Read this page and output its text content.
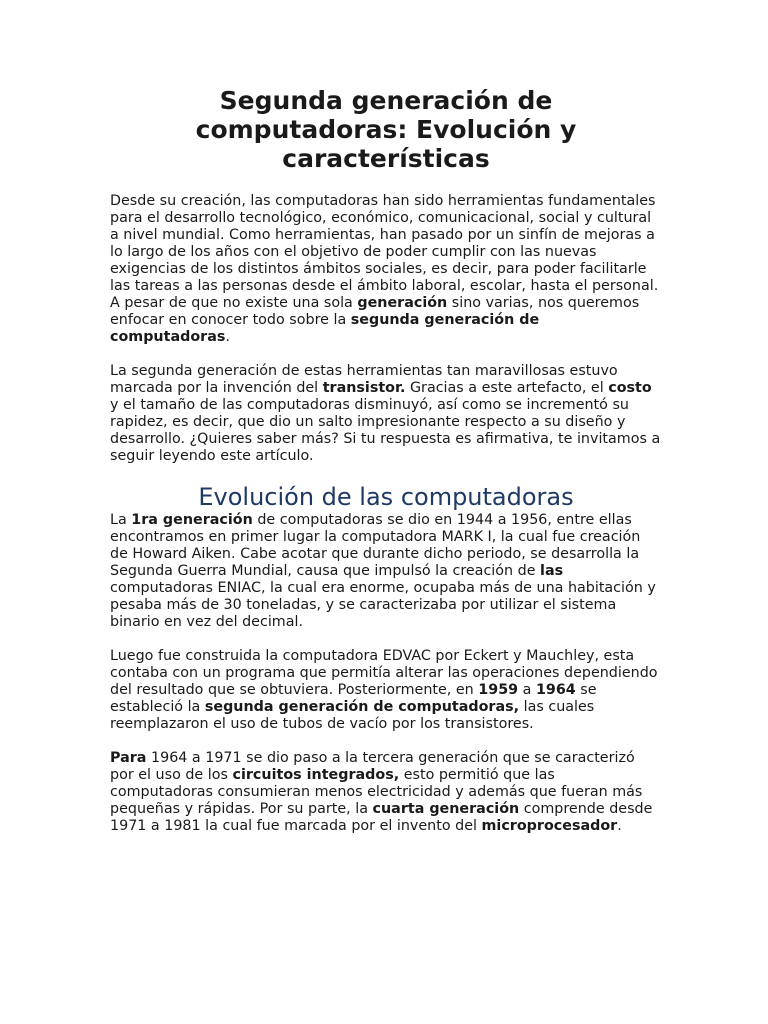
Segunda generación de computadoras: Evolución y características

Desde su creación, las computadoras han sido herramientas fundamentales para el desarrollo tecnológico, económico, comunicacional, social y cultural a nivel mundial. Como herramientas, han pasado por un sinfín de mejoras a lo largo de los años con el objetivo de poder cumplir con las nuevas exigencias de los distintos ámbitos sociales, es decir, para poder facilitarle las tareas a las personas desde el ámbito laboral, escolar, hasta el personal. A pesar de que no existe una sola generación sino varias, nos queremos enfocar en conocer todo sobre la segunda generación de computadoras.

La segunda generación de estas herramientas tan maravillosas estuvo marcada por la invención del transistor. Gracias a este artefacto, el costo y el tamaño de las computadoras disminuyó, así como se incrementó su rapidez, es decir, que dio un salto impresionante respecto a su diseño y desarrollo. ¿Quieres saber más? Si tu respuesta es afirmativa, te invitamos a seguir leyendo este artículo.

Evolución de las computadoras

La 1ra generación de computadoras se dio en 1944 a 1956, entre ellas encontramos en primer lugar la computadora MARK I, la cual fue creación de Howard Aiken. Cabe acotar que durante dicho periodo, se desarrolla la Segunda Guerra Mundial, causa que impulsó la creación de las computadoras ENIAC, la cual era enorme, ocupaba más de una habitación y pesaba más de 30 toneladas, y se caracterizaba por utilizar el sistema binario en vez del decimal.

Luego fue construida la computadora EDVAC por Eckert y Mauchley, esta contaba con un programa que permitía alterar las operaciones dependiendo del resultado que se obtuviera. Posteriormente, en 1959 a 1964 se estableció la segunda generación de computadoras, las cuales reemplazaron el uso de tubos de vacío por los transistores.

Para 1964 a 1971 se dio paso a la tercera generación que se caracterizó por el uso de los circuitos integrados, esto permitió que las computadoras consumieran menos electricidad y además que fueran más pequeñas y rápidas. Por su parte, la cuarta generación comprende desde 1971 a 1981 la cual fue marcada por el invento del microprocesador.
